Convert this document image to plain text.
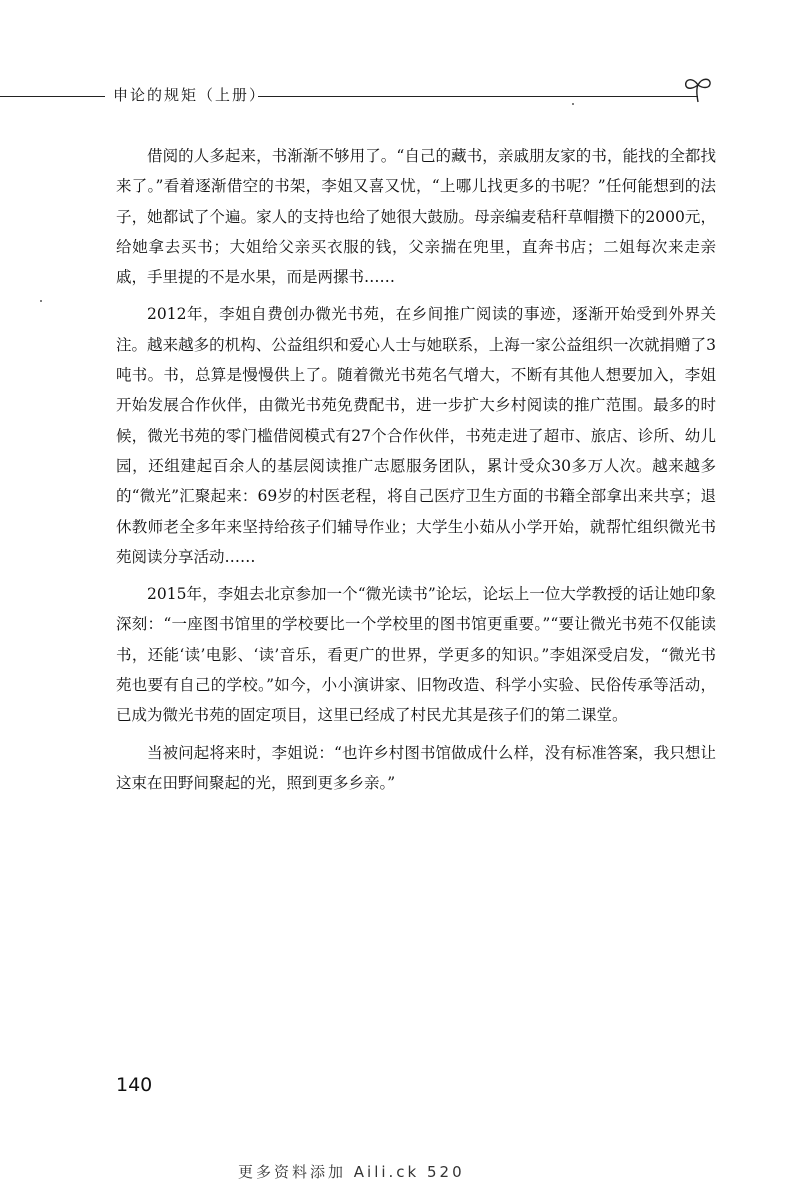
申论的规矩（上册）

借阅的人多起来，书渐渐不够用了。“自己的藏书，亲戚朋友家的书，能找的全都找来了。”看着逐渐借空的书架，李姐又喜又忧，“上哪儿找更多的书呢？”任何能想到的法子，她都试了个遍。家人的支持也给了她很大鼓励。母亲编麦秸秆草帽攒下的2000元，给她拿去买书；大姐给父亲买衣服的钱，父亲揣在兜里，直奔书店；二姐每次来走亲戚，手里提的不是水果，而是两摞书……

2012年，李姐自费创办微光书苑，在乡间推广阅读的事迹，逐渐开始受到外界关注。越来越多的机构、公益组织和爱心人士与她联系，上海一家公益组织一次就捐赠了3吨书。书，总算是慢慢供上了。随着微光书苑名气增大，不断有其他人想要加入，李姐开始发展合作伙伴，由微光书苑免费配书，进一步扩大乡村阅读的推广范围。最多的时候，微光书苑的零门槛借阅模式有27个合作伙伴，书苑走进了超市、旅店、诊所、幼儿园，还组建起百余人的基层阅读推广志愿服务团队，累计受众30多万人次。越来越多的“微光”汇聚起来：69岁的村医老程，将自己医疗卫生方面的书籍全部拿出来共享；退休教师老全多年来坚持给孩子们辅导作业；大学生小茹从小学开始，就帮忙组织微光书苑阅读分享活动……

2015年，李姐去北京参加一个“微光读书”论坛，论坛上一位大学教授的话让她印象深刻：“一座图书馆里的学校要比一个学校里的图书馆更重要。”“要让微光书苑不仅能读书，还能‘读’电影、‘读’音乐，看更广的世界，学更多的知识。”李姐深受启发，“微光书苑也要有自己的学校。”如今，小小演讲家、旧物改造、科学小实验、民俗传承等活动，已成为微光书苑的固定项目，这里已经成了村民尤其是孩子们的第二课堂。

当被问起将来时，李姐说：“也许乡村图书馆做成什么样，没有标准答案，我只想让这束在田野间聚起的光，照到更多乡亲。”

140
更多资料添加 Aili.ck 520
